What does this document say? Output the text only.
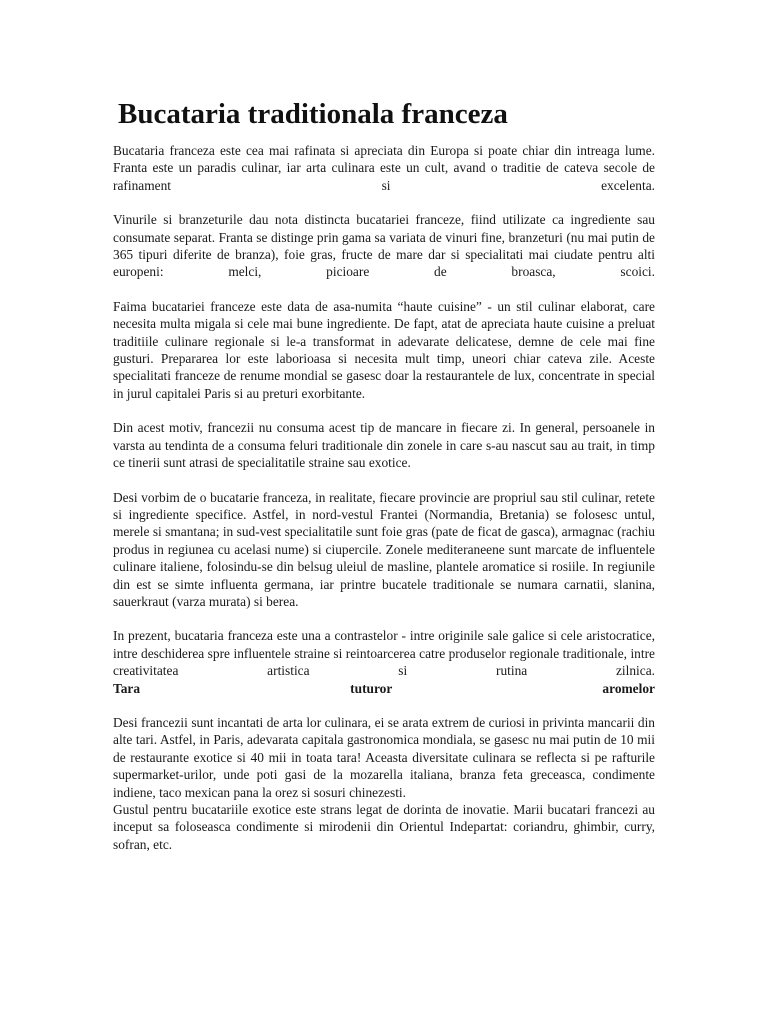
Bucataria traditionala franceza

Bucataria franceza este cea mai rafinata si apreciata din Europa si poate chiar din intreaga lume. Franta este un paradis culinar, iar arta culinara este un cult, avand o traditie de cateva secole de rafinament si excelenta.

Vinurile si branzeturile dau nota distincta bucatariei franceze, fiind utilizate ca ingrediente sau consumate separat. Franta se distinge prin gama sa variata de vinuri fine, branzeturi (nu mai putin de 365 tipuri diferite de branza), foie gras, fructe de mare dar si specialitati mai ciudate pentru alti europeni: melci, picioare de broasca, scoici.

Faima bucatariei franceze este data de asa-numita “haute cuisine” - un stil culinar elaborat, care necesita multa migala si cele mai bune ingrediente. De fapt, atat de apreciata haute cuisine a preluat traditiile culinare regionale si le-a transformat in adevarate delicatese, demne de cele mai fine gusturi. Prepararea lor este laborioasa si necesita mult timp, uneori chiar cateva zile. Aceste specialitati franceze de renume mondial se gasesc doar la restaurantele de lux, concentrate in special in jurul capitalei Paris si au preturi exorbitante.

Din acest motiv, francezii nu consuma acest tip de mancare in fiecare zi. In general, persoanele in varsta au tendinta de a consuma feluri traditionale din zonele in care s-au nascut sau au trait, in timp ce tinerii sunt atrasi de specialitatile straine sau exotice.

Desi vorbim de o bucatarie franceza, in realitate, fiecare provincie are propriul sau stil culinar, retete si ingrediente specifice. Astfel, in nord-vestul Frantei (Normandia, Bretania) se folosesc untul, merele si smantana; in sud-vest specialitatile sunt foie gras (pate de ficat de gasca), armagnac (rachiu produs in regiunea cu acelasi nume) si ciupercile. Zonele mediteraneene sunt marcate de influentele culinare italiene, folosindu-se din belsug uleiul de masline, plantele aromatice si rosiile. In regiunile din est se simte influenta germana, iar printre bucatele traditionale se numara carnatii, slanina, sauerkraut (varza murata) si berea.

In prezent, bucataria franceza este una a contrastelor - intre originile sale galice si cele aristocratice, intre deschiderea spre influentele straine si reintoarcerea catre produselor regionale traditionale, intre creativitatea artistica si rutina zilnica.

Tara	tuturor	aromelor

Desi francezii sunt incantati de arta lor culinara, ei se arata extrem de curiosi in privinta mancarii din alte tari. Astfel, in Paris, adevarata capitala gastronomica mondiala, se gasesc nu mai putin de 10 mii de restaurante exotice si 40 mii in toata tara! Aceasta diversitate culinara se reflecta si pe rafturile supermarket-urilor, unde poti gasi de la mozarella italiana, branza feta greceasca, condimente indiene, taco mexican pana la orez si sosuri chinezesti.

Gustul pentru bucatariile exotice este strans legat de dorinta de inovatie. Marii bucatari francezi au inceput sa foloseasca condimente si mirodenii din Orientul Indepartat: coriandru, ghimbir, curry, sofran, etc.
